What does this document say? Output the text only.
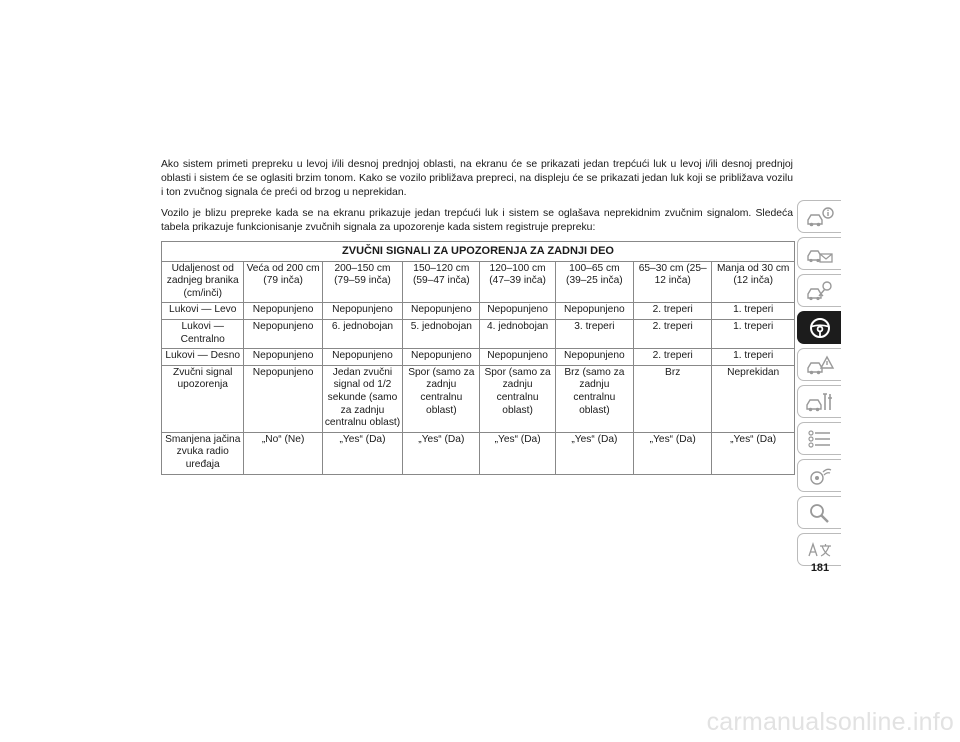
Ako sistem primeti prepreku u levoj i/ili desnoj prednjoj oblasti, na ekranu će se prikazati jedan trepćući luk u levoj i/ili desnoj prednjoj oblasti i sistem će se oglasiti brzim tonom. Kako se vozilo približava prepreci, na displeju će se prikazati jedan luk koji se približava vozilu i ton zvučnog signala će preći od brzog u neprekidan.

Vozilo je blizu prepreke kada se na ekranu prikazuje jedan trepćući luk i sistem se oglašava neprekidnim zvučnim signalom. Sledeća tabela prikazuje funkcionisanje zvučnih signala za upozorenje kada sistem registruje prepreku:

ZVUČNI SIGNALI ZA UPOZORENJA ZA ZADNJI DEO							
Udaljenost od zadnjeg branika (cm/inči)	Veća od 200 cm (79 inča)	200–150 cm (79–59 inča)	150–120 cm (59–47 inča)	120–100 cm (47–39 inča)	100–65 cm (39–25 inča)	65–30 cm (25–12 inča)	Manja od 30 cm (12 inča)
Lukovi — Levo	Nepopunjeno	Nepopunjeno	Nepopunjeno	Nepopunjeno	Nepopunjeno	2. treperi	1. treperi
Lukovi — Centralno	Nepopunjeno	6. jednobojan	5. jednobojan	4. jednobojan	3. treperi	2. treperi	1. treperi
Lukovi — Desno	Nepopunjeno	Nepopunjeno	Nepopunjeno	Nepopunjeno	Nepopunjeno	2. treperi	1. treperi
Zvučni signal upozorenja	Nepopunjeno	Jedan zvučni signal od 1/2 sekunde (samo za zadnju centralnu oblast)	Spor (samo za zadnju centralnu oblast)	Spor (samo za zadnju centralnu oblast)	Brz (samo za zadnju centralnu oblast)	Brz	Neprekidan
Smanjena jačina zvuka radio uređaja	„No“ (Ne)	„Yes“ (Da)	„Yes“ (Da)	„Yes“ (Da)	„Yes“ (Da)	„Yes“ (Da)	„Yes“ (Da)
181
carmanualsonline.info
